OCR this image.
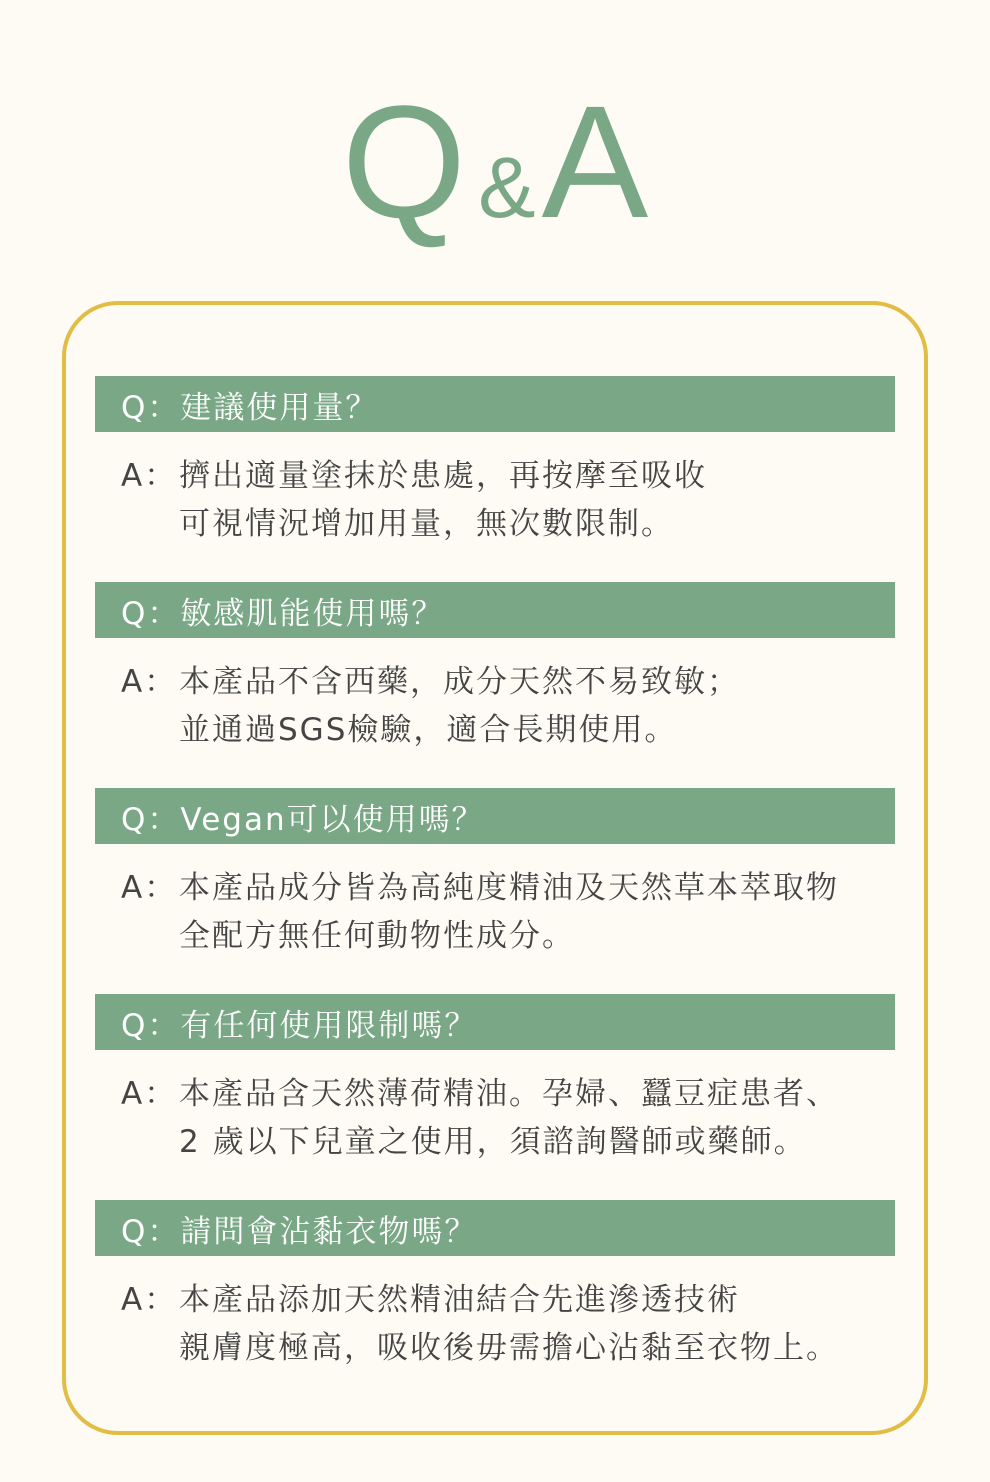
Q & A
Q：建議使用量？
A： 擠出適量塗抹於患處，再按摩至吸收
可視情況增加用量，無次數限制。
Q：敏感肌能使用嗎？
A： 本產品不含西藥，成分天然不易致敏；
並通過SGS檢驗，適合長期使用。
Q：Vegan可以使用嗎？
A： 本產品成分皆為高純度精油及天然草本萃取物
全配方無任何動物性成分。
Q：有任何使用限制嗎？
A： 本產品含天然薄荷精油。孕婦、蠶豆症患者、
2 歲以下兒童之使用，須諮詢醫師或藥師。
Q：請問會沾黏衣物嗎？
A： 本產品添加天然精油結合先進滲透技術
親膚度極高，吸收後毋需擔心沾黏至衣物上。
